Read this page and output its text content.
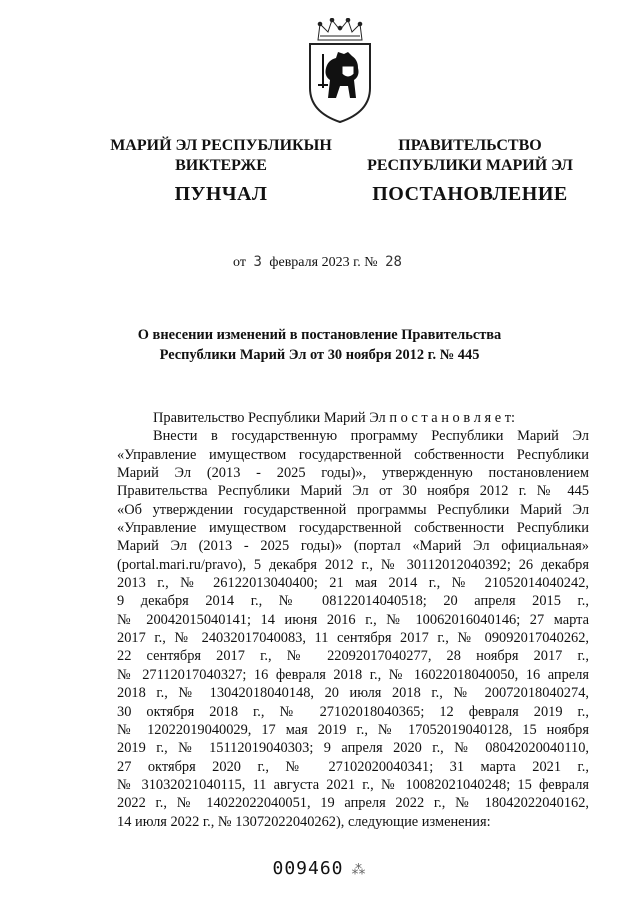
МАРИЙ ЭЛ РЕСПУБЛИКЫН
ВИКТЕРЖЕ
ПУНЧАЛ
ПРАВИТЕЛЬСТВО
РЕСПУБЛИКИ МАРИЙ ЭЛ
ПОСТАНОВЛЕНИЕ
от 3 февраля 2023 г. № 28
О внесении изменений в постановление Правительства
Республики Марий Эл от 30 ноября 2012 г. № 445
Правительство Республики Марий Эл п о с т а н о в л я е т:
Внести в государственную программу Республики Марий Эл
«Управление имуществом государственной собственности Республики
Марий Эл (2013 - 2025 годы)», утвержденную постановлением
Правительства Республики Марий Эл от 30 ноября 2012 г. № 445
«Об утверждении государственной программы Республики Марий Эл
«Управление имуществом государственной собственности Республики
Марий Эл (2013 - 2025 годы)» (портал «Марий Эл официальная»
(portal.mari.ru/pravo), 5 декабря 2012 г., № 30112012040392; 26 декабря
2013 г., № 26122013040400; 21 мая 2014 г., № 21052014040242,
9 декабря 2014 г., № 08122014040518; 20 апреля 2015 г.,
№ 20042015040141; 14 июня 2016 г., № 10062016040146; 27 марта
2017 г., № 24032017040083, 11 сентября 2017 г., № 09092017040262,
22 сентября 2017 г., № 22092017040277, 28 ноября 2017 г.,
№ 27112017040327; 16 февраля 2018 г., № 16022018040050, 16 апреля
2018 г., № 13042018040148, 20 июля 2018 г., № 20072018040274,
30 октября 2018 г., № 27102018040365; 12 февраля 2019 г.,
№ 12022019040029, 17 мая 2019 г., № 17052019040128, 15 ноября
2019 г., № 15112019040303; 9 апреля 2020 г., № 08042020040110,
27 октября 2020 г., № 27102020040341; 31 марта 2021 г.,
№ 31032021040115, 11 августа 2021 г., № 10082021040248; 15 февраля
2022 г., № 14022022040051, 19 апреля 2022 г., № 18042022040162,
14 июля 2022 г., № 13072022040262), следующие изменения:
009460 ⁂
